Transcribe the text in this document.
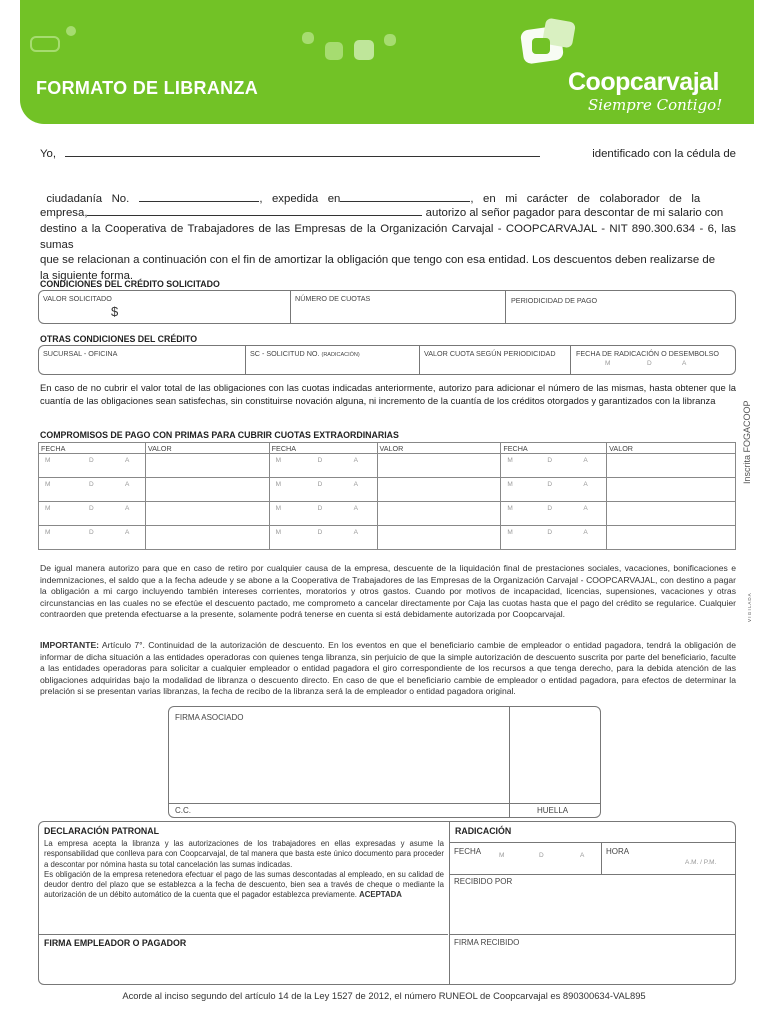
FORMATO DE LIBRANZA	Coopcarvajal
Siempre Contigo!
Yo,	identificado con la cédula de

ciudadanía   No.	,   expedida   en	,   en   mi   carácter   de   colaborador   de   la

empresa,	autorizo al señor pagador para descontar de mi salario con
destino a la Cooperativa de Trabajadores de las Empresas de la Organización Carvajal - COOPCARVAJAL - NIT 890.300.634 - 6, las sumas
que se relacionan a continuación con el fin de amortizar la obligación que tengo con esa entidad. Los descuentos deben realizarse de
la siguiente forma.
CONDICIONES DEL CRÉDITO SOLICITADO
VALOR SOLICITADO
$
NÚMERO DE CUOTAS	PERIODICIDAD DE PAGO
OTRAS CONDICIONES DEL CRÉDITO
SUCURSAL - OFICINA	SC - SOLICITUD NO. (RADICACIÓN)	VALOR CUOTA SEGÚN PERIODICIDAD	FECHA DE RADICACIÓN O DESEMBOLSO
M	D	A
En caso de no cubrir el valor total de las obligaciones con las cuotas indicadas anteriormente, autorizo para adicionar el número de las mismas, hasta obtener que la cuantía de las obligaciones sean satisfechas, sin constituirse novación alguna, ni incremento de la cuantía de los créditos otorgados y garantizados con la libranza
COMPROMISOS DE PAGO CON PRIMAS PARA CUBRIR CUOTAS EXTRAORDINARIAS
FECHA	VALOR	FECHA	VALOR	FECHA	VALOR

M D A		M D A		M D A	

M D A		M D A		M D A	

M D A		M D A		M D A	

M D A		M D A		M D A	

De igual manera autorizo para que en caso de retiro por cualquier causa de la empresa, descuente de la liquidación final de prestaciones sociales, vacaciones, bonificaciones e indemnizaciones, el saldo que a la fecha adeude y se abone a la Cooperativa de Trabajadores de las Empresas de la Organización Carvajal - COOPCARVAJAL, con destino a pagar la obligación a mi cargo incluyendo también intereses corrientes, moratorios y otros gastos. Cuando por motivos de incapacidad, licencias, supensiones, vacaciones y otras circunstancias en las cuales no se efectúe el descuento pactado, me comprometo a cancelar directamente por Caja las cuotas hasta que el pago del crédito se regularice. Cualquier contraorden que pretenda efectuarse a la presente, solamente podrá tenerse en cuenta si está debidamente autorizada por Coopcarvajal.
IMPORTANTE: Artículo 7°. Continuidad de la autorización de descuento. En los eventos en que el beneficiario cambie de empleador o entidad pagadora, tendrá la obligación de informar de dicha situación a las entidades operadoras con quienes tenga libranza, sin perjuicio de que la simple autorización de descuento suscrita por parte del beneficiario, faculte a las entidades operadoras para solicitar a cualquier empleador o entidad pagadora el giro correspondiente de los recursos a que tenga derecho, para la debida atención de las obligaciones adquiridas bajo la modalidad de libranza o descuento directo. En caso de que el beneficiario cambie de empleador o entidad pagadora, para efectos de determinar la prelación si se presentan varias libranzas, la fecha de recibo de la libranza será la de empleador o entidad pagadora original.
FIRMA ASOCIADO
C.C.	HUELLA
DECLARACIÓN PATRONAL
La empresa acepta la libranza y las autorizaciones de los trabajadores en ellas expresadas y asume la responsabilidad que conlleva para con Coopcarvajal, de tal manera que basta este único documento para proceder a descontar por nómina hasta su total cancelación las sumas indicadas.
Es obligación de la empresa retenedora efectuar el pago de las sumas descontadas al empleado, en su calidad de deudor dentro del plazo que se establezca a la fecha de descuento, bien sea a través de cheque o mediante la autorización de un débito automático de la cuenta que el pagador establezca previamente. ACEPTADA
FIRMA EMPLEADOR O PAGADOR
RADICACIÓN
FECHA	M	D	A	HORA
A.M. / P.M.
RECIBIDO POR
FIRMA RECIBIDO
Inscrita FOGACOOP
V I G I L A D A
Acorde al inciso segundo del artículo 14 de la Ley 1527 de 2012, el número RUNEOL de Coopcarvajal es 890300634-VAL895
